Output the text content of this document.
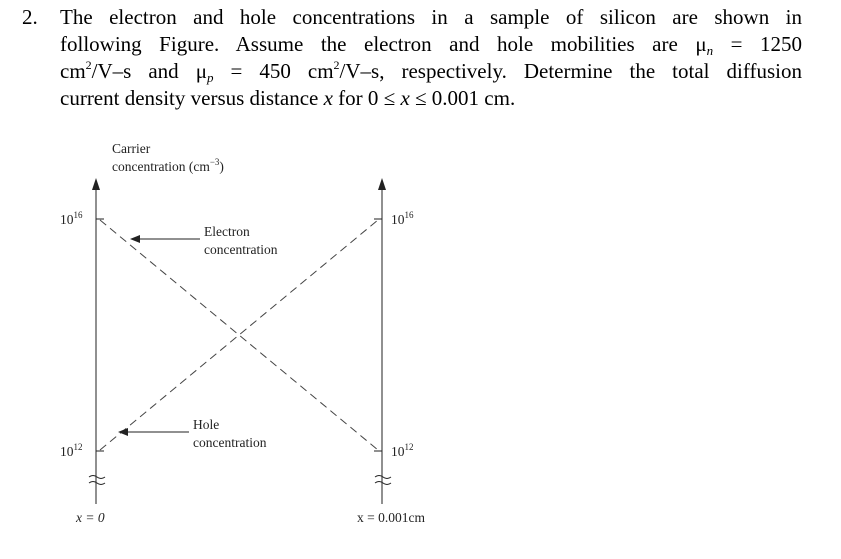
2. The electron and hole concentrations in a sample of silicon are shown in
following Figure. Assume the electron and hole mobilities are $\mu_n = 1250$
$cm^2/V-s$ and $\mu_p = 450$ $cm^2/V-s$, respectively. Determine the total diffusion
current density versus distance x for 0 ≤ x ≤ 0.001 cm.
Carrier
concentration $(cm^{-3})$
$10^{16}$
$10^{12}$
$10^{16}$
$10^{12}$
Electron
concentration
Hole
concentration
x = 0	x = 0.001cm
